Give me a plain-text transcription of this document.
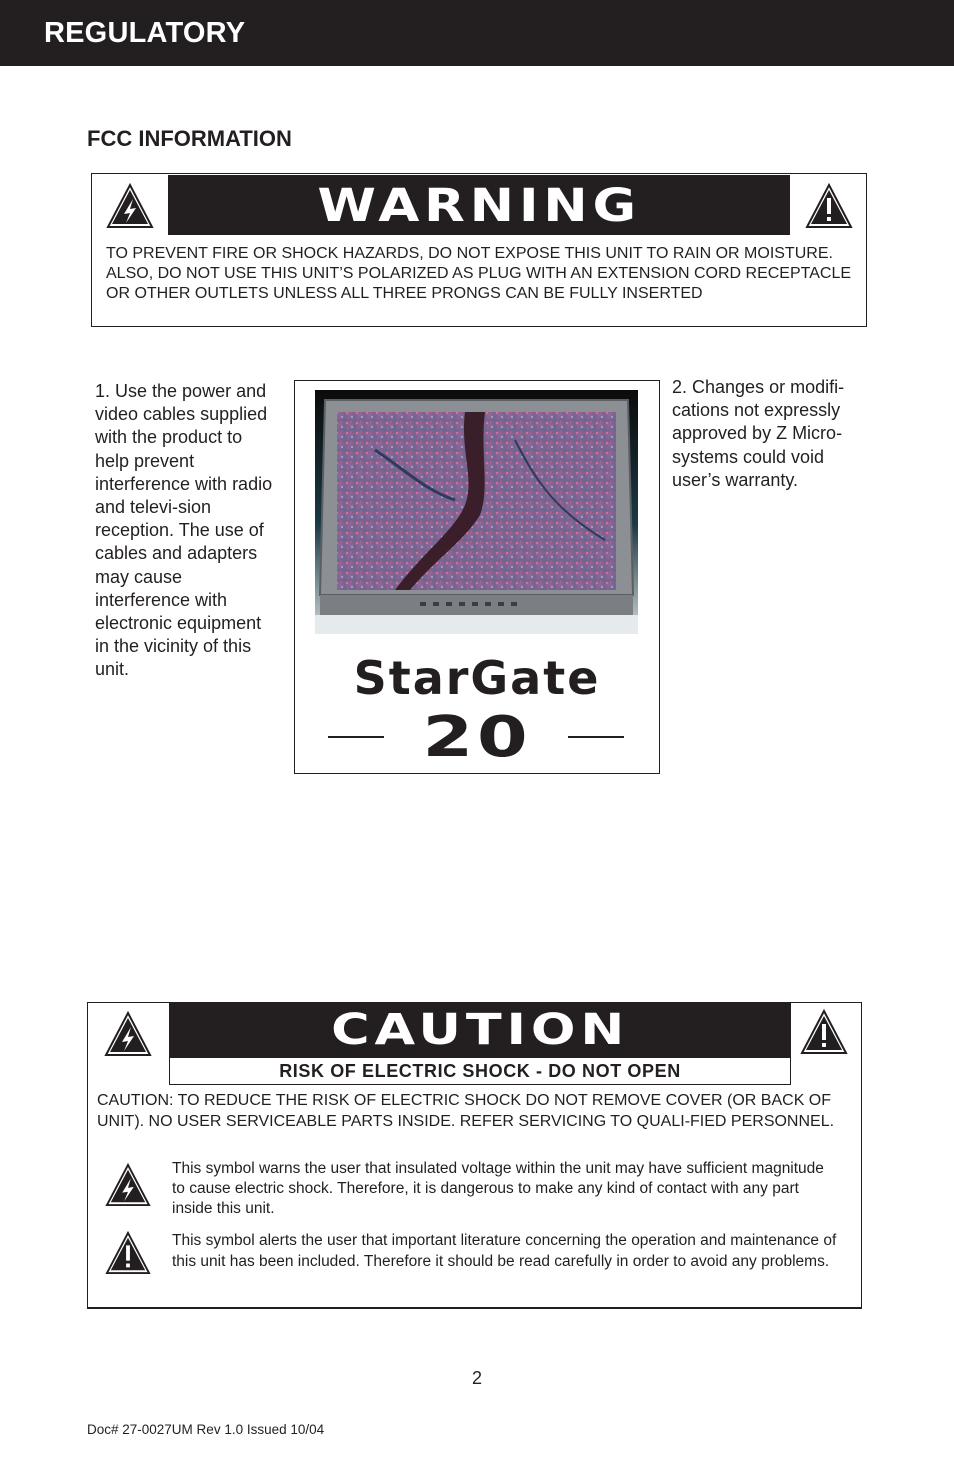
REGULATORY
FCC INFORMATION
WARNING
TO PREVENT FIRE OR SHOCK HAZARDS, DO NOT EXPOSE THIS UNIT TO RAIN OR MOISTURE. ALSO, DO NOT USE THIS UNIT’S POLARIZED AS PLUG WITH AN EXTENSION CORD RECEPTACLE OR OTHER OUTLETS UNLESS ALL THREE PRONGS CAN BE FULLY INSERTED
1. Use the power and video cables supplied with the product to help prevent interference with radio and televi-sion reception. The use of cables and adapters may cause interference with electronic equipment in the vicinity of this unit.	StarGate
20
2. Changes or modifi-cations not expressly approved by Z Micro-systems could void user’s warranty.
CAUTION
RISK OF ELECTRIC SHOCK - DO NOT OPEN
CAUTION: TO REDUCE THE RISK OF ELECTRIC SHOCK DO NOT REMOVE COVER (OR BACK OF UNIT). NO USER SERVICEABLE PARTS INSIDE. REFER SERVICING TO QUALI-FIED PERSONNEL.
This symbol warns the user that insulated voltage within the unit may have sufficient magnitude to cause electric shock. Therefore, it is dangerous to make any kind of contact with any part inside this unit.
This symbol alerts the user that important literature concerning the operation and maintenance of this unit has been included. Therefore it should be read carefully in order to avoid any problems.
2
Doc# 27-0027UM Rev 1.0 Issued 10/04
